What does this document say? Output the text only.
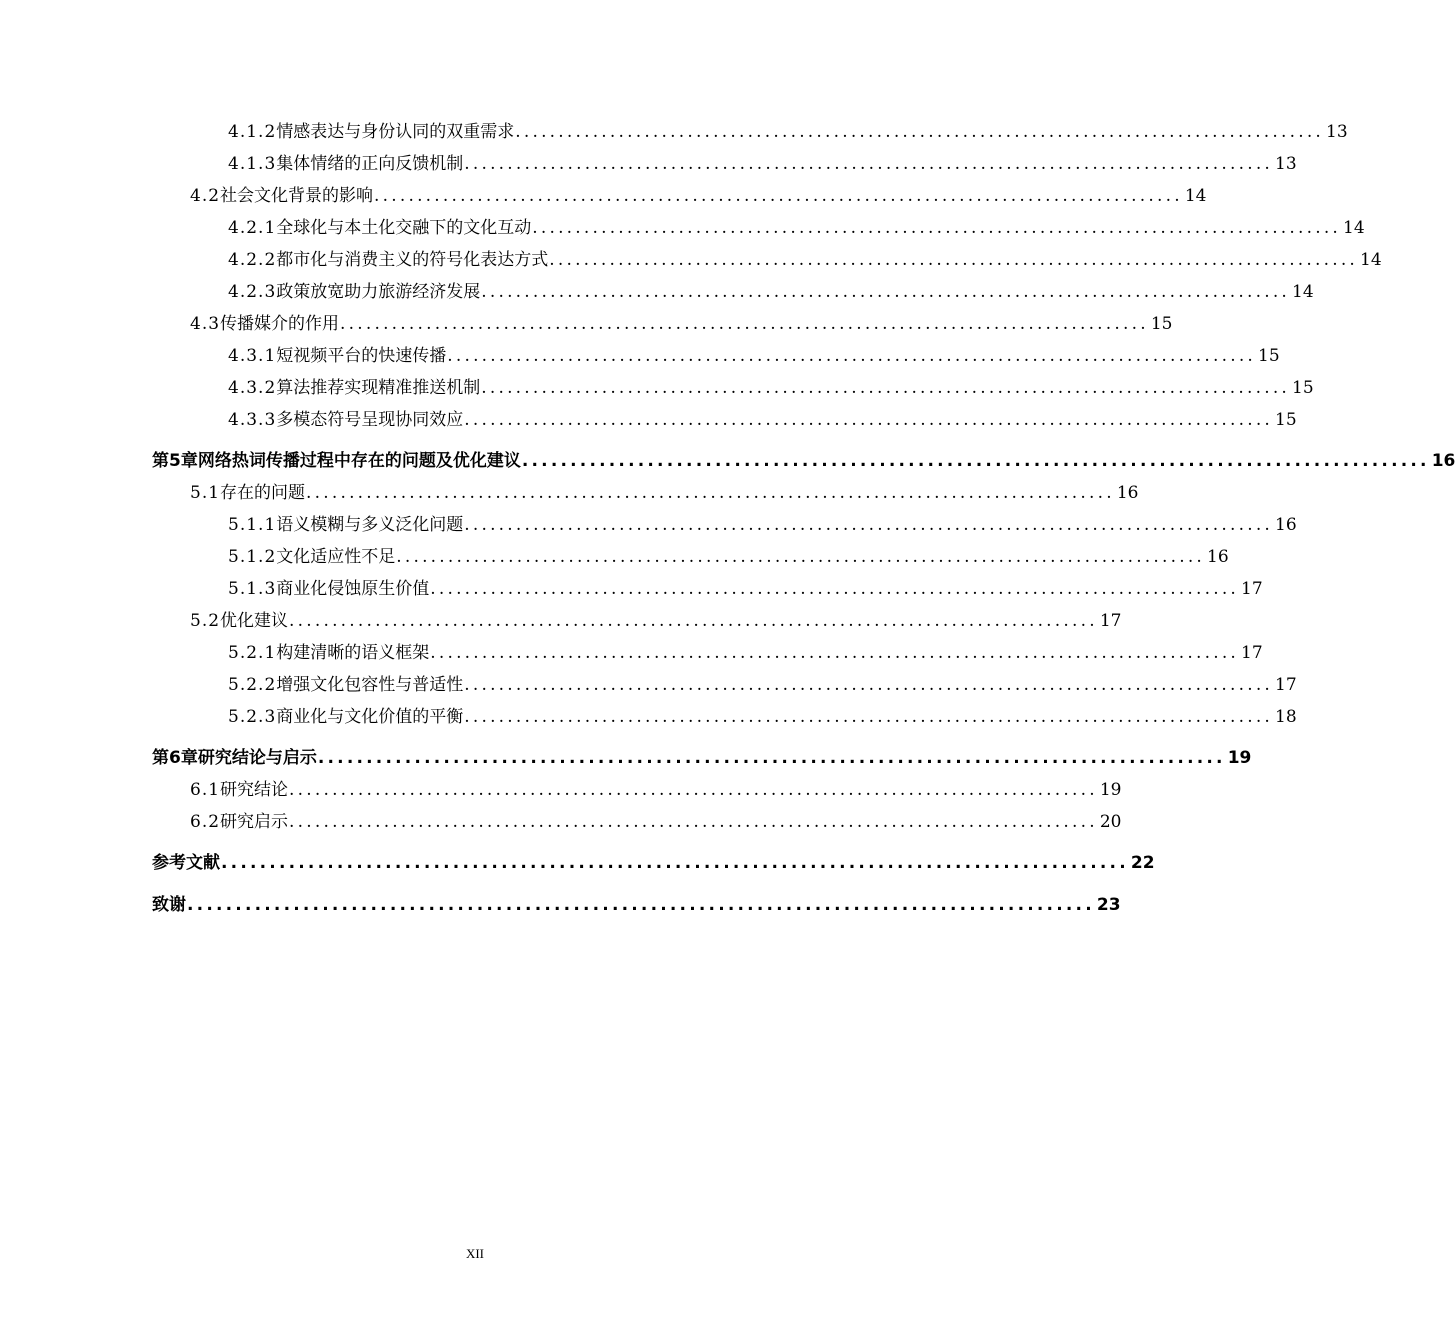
4.1.2 情感表达与身份认同的双重需求 .............................................................................................. 13
4.1.3 集体情绪的正向反馈机制 .............................................................................................. 13
4.2 社会文化背景的影响 .............................................................................................. 14
4.2.1 全球化与本土化交融下的文化互动 .............................................................................................. 14
4.2.2 都市化与消费主义的符号化表达方式 .............................................................................................. 14
4.2.3 政策放宽助力旅游经济发展 .............................................................................................. 14
4.3 传播媒介的作用 .............................................................................................. 15
4.3.1 短视频平台的快速传播 .............................................................................................. 15
4.3.2 算法推荐实现精准推送机制 .............................................................................................. 15
4.3.3 多模态符号呈现协同效应 .............................................................................................. 15
第5章 网络热词传播过程中存在的问题及优化建议 .............................................................................................. 16
5.1 存在的问题 .............................................................................................. 16
5.1.1 语义模糊与多义泛化问题 .............................................................................................. 16
5.1.2 文化适应性不足 .............................................................................................. 16
5.1.3 商业化侵蚀原生价值 .............................................................................................. 17
5.2 优化建议 .............................................................................................. 17
5.2.1 构建清晰的语义框架 .............................................................................................. 17
5.2.2 增强文化包容性与普适性 .............................................................................................. 17
5.2.3 商业化与文化价值的平衡 .............................................................................................. 18
第6章 研究结论与启示 .............................................................................................. 19
6.1 研究结论 .............................................................................................. 19
6.2 研究启示 .............................................................................................. 20
参考文献 .............................................................................................. 22
致谢 .............................................................................................. 23
XII
